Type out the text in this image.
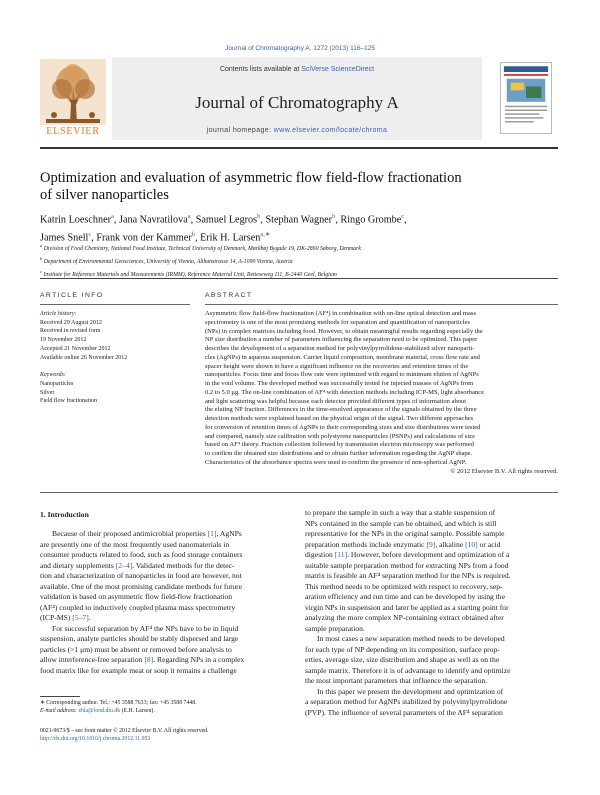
Journal of Chromatography A, 1272 (2013) 116–125
ELSEVIER
Contents lists available at SciVerse ScienceDirect
Journal of Chromatography A
journal homepage: www.elsevier.com/locate/chroma
Optimization and evaluation of asymmetric flow field-flow fractionation
of silver nanoparticles
Katrin Loeschner$^a$, Jana Navratilova$^a$, Samuel Legros$^b$, Stephan Wagner$^b$, Ringo Grombe$^c$,
James Snell$^c$, Frank von der Kammer$^b$, Erik H. Larsen$^{a,∗}$
$^a$ Division of Food Chemistry, National Food Institute, Technical University of Denmark, Mørkhøj Bygade 19, DK-2860 Søborg, Denmark
$^b$ Department of Environmental Geosciences, University of Vienna, Althanstrasse 14, A-1090 Vienna, Austria
$^c$ Institute for Reference Materials and Measurements (IRMM), Reference Material Unit, Retieseweg 111, B-2440 Geel, Belgium
ARTICLE INFO	ABSTRACT
Article history:
Received 29 August 2012
Received in revised form
19 November 2012
Accepted 21 November 2012
Available online 26 November 2012
Keywords:
Nanoparticles
Silver
Field flow fractionation
Asymmetric flow field-flow fractionation (AF⁴) in combination with on-line optical detection and mass
spectrometry is one of the most promising methods for separation and quantification of nanoparticles
(NPs) in complex matrices including food. However, to obtain meaningful results regarding especially the
NP size distribution a number of parameters influencing the separation need to be optimized. This paper
describes the development of a separation method for polyvinylpyrrolidone-stabilized silver nanoparti-
cles (AgNPs) in aqueous suspension. Carrier liquid composition, membrane material, cross flow rate and
spacer height were shown to have a significant influence on the recoveries and retention times of the
nanoparticles. Focus time and focus flow rate were optimized with regard to minimum elution of AgNPs
in the void volume. The developed method was successfully tested for injected masses of AgNPs from
0.2 to 5.0 μg. The on-line combination of AF⁴ with detection methods including ICP-MS, light absorbance
and light scattering was helpful because each detector provided different types of information about
the eluting NP fraction. Differences in the time-resolved appearance of the signals obtained by the three
detection methods were explained based on the physical origin of the signal. Two different approaches
for conversion of retention times of AgNPs to their corresponding sizes and size distributions were tested
and compared, namely size calibration with polystyrene nanoparticles (PSNPs) and calculations of size
based on AF⁴ theory. Fraction collection followed by transmission electron microscopy was performed
to confirm the obtained size distributions and to obtain further information regarding the AgNP shape.
Characteristics of the absorbance spectra were used to confirm the presence of non-spherical AgNP.
© 2012 Elsevier B.V. All rights reserved.
1. Introduction
Because of their proposed antimicrobial properties [1], AgNPs
are presently one of the most frequently used nanomaterials in
consumer products related to food, such as food storage containers
and dietary supplements [2–4]. Validated methods for the detec-
tion and characterization of nanoparticles in food are however, not
available. One of the most promising candidate methods for future
validation is based on asymmetric flow field-flow fractionation
(AF⁴) coupled to inductively coupled plasma mass spectrometry
(ICP-MS) [5–7].
For successful separation by AF⁴ the NPs have to be in liquid
suspension, analyte particles should be stably dispersed and large
particles (>1 μm) must be absent or removed before analysis to
allow interference-free separation [8]. Regarding NPs in a complex
food matrix like for example meat or soup it remains a challenge
to prepare the sample in such a way that a stable suspension of
NPs contained in the sample can be obtained, and which is still
representative for the NPs in the original sample. Possible sample
preparation methods include enzymatic [9], alkaline [10] or acid
digestion [11]. However, before development and optimization of a
suitable sample preparation method for extracting NPs from a food
matrix is feasible an AF⁴ separation method for the NPs is required.
This method needs to be optimized with respect to recovery, sep-
aration efficiency and run time and can be developed by using the
virgin NPs in suspension and later be applied as a starting point for
analyzing the more complex NP-containing extract obtained after
sample preparation.
In most cases a new separation method needs to be developed
for each type of NP depending on its composition, surface prop-
erties, average size, size distribution and shape as well as on the
sample matrix. Therefore it is of advantage to identify and optimize
the most important parameters that influence the separation.
In this paper we present the development and optimization of
a separation method for AgNPs stabilized by polyvinylpyrrolidone
(PVP). The influence of several parameters of the AF⁴ separation
∗ Corresponding author. Tel.: +45 3588 7633; fax: +45 3588 7448.
E-mail address: ehla@food.dtu.dk (E.H. Larsen).
0021-9673/$ – see front matter © 2012 Elsevier B.V. All rights reserved.
http://dx.doi.org/10.1016/j.chroma.2012.11.053
